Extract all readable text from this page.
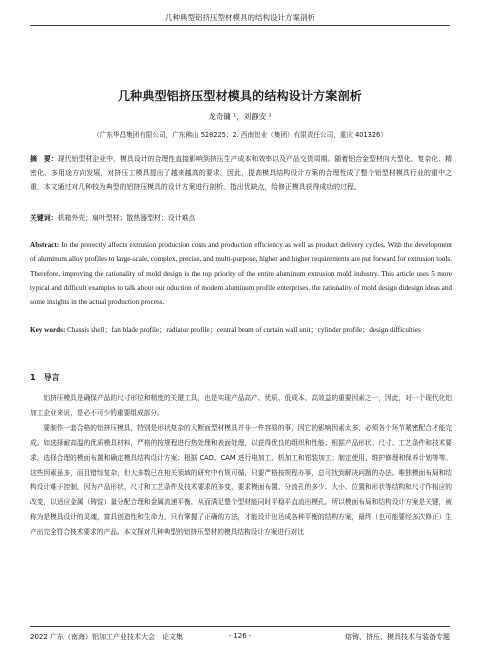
几种典型铝挤压型材模具的结构设计方案剖析
几种典型铝挤压型材模具的结构设计方案剖析
龙奇镛 ¹，刘静安 ²
（广东华昌集团有限公司，广东佛山 528225；2. 西南铝业（集团）有限责任公司，重庆 401326）
摘　要：现代铝型材企业中，模具设计的合理性直接影响到挤压生产成本和效率以及产品交货周期。随着铝合金型材向大型化、复杂化、精密化、多用途方向发展，对挤压工模具提出了越来越高的要求。因此，提高模具结构设计方案的合理性成了整个铝型材模具行业的重中之重，本文通过对几种较为典型的铝挤压模具的设计方案进行剖析，指出优缺点，给修正模具获得成功的过程。
关键词：机箱外壳；扇叶型材；散热器型材；设计难点
Abstract: In the prerectly affects extrusion production costs and production efficiency as well as product delivery cycles. With the development of aluminum alloy profiles to large-scale, complex, precise, and multi-purpose, higher and higher requirements are put forward for extrusion tools. Therefore, improving the rationality of mold design is the top priority of the entire aluminum extrusion mold industry. This article uses 5 more typical and difficult examples to talk about our oduction of modern aluminum profile enterprises, the rationality of mold design didesign ideas and some insights in the actual production process.
Key words: Chassis shell；fan blade profile；radiator profile；central beam of curtain wall unit；cylinder profile；design difficulties
1　导言

铝挤压模具是确保产品的尺寸形位和精度的关键工具，也是实现产品高产、优质、低成本、高效益的重要因素之一，因此，对一个现代化铝加工企业来说，是必不可少的重要组成部分。

要制作一套合格的铝挤压模具，特别是形状复杂的大断面型材模具并非一件容易的事，因它的影响因素太多，必须各个环节紧密配合才能完成。如选择耐高温的优质模具材料，严格的按规程进行热处理和表面处理，以获得优良的组织和性能；根据产品形状、尺寸、工艺条件和技术要求，选择合理的模面布置和确定模具结构设计方案；根据 CAD、CAM 进行电加工、机加工和钳装加工；制定使用、维护修理和保养计划等等。这些因素虽多，而且错综复杂，但大多数已在相关领域的研究中有规可循，只要严格按规程办事，总可找到解决问题的办法。唯独模面布局和结构设计难于控制，因为产品形状、尺寸和工艺条件及技术要求的多变，要求模面布置、分流孔的多少、大小、位置和形状等结构和尺寸作相应的改变，以适应金属（铸锭）量分配合理和金属流速平衡，从而满足整个型材能同时平稳平直流出模孔。所以模面布局和结构设计方案是关键，被称为是模具设计的灵魂，富具创造性和生命力。只有掌握了正确的方法，才能设计出达成各种平衡的结构方案，最终（也可能要经多次修正）生产出完全符合技术要求的产品。本文探对几种典型的铝挤压型材的模具结构设计方案进行对比

2022 广东（南海）铝加工产业技术大会　论文集	- 126 -	熔铸、挤压、模具技术与装备专题
